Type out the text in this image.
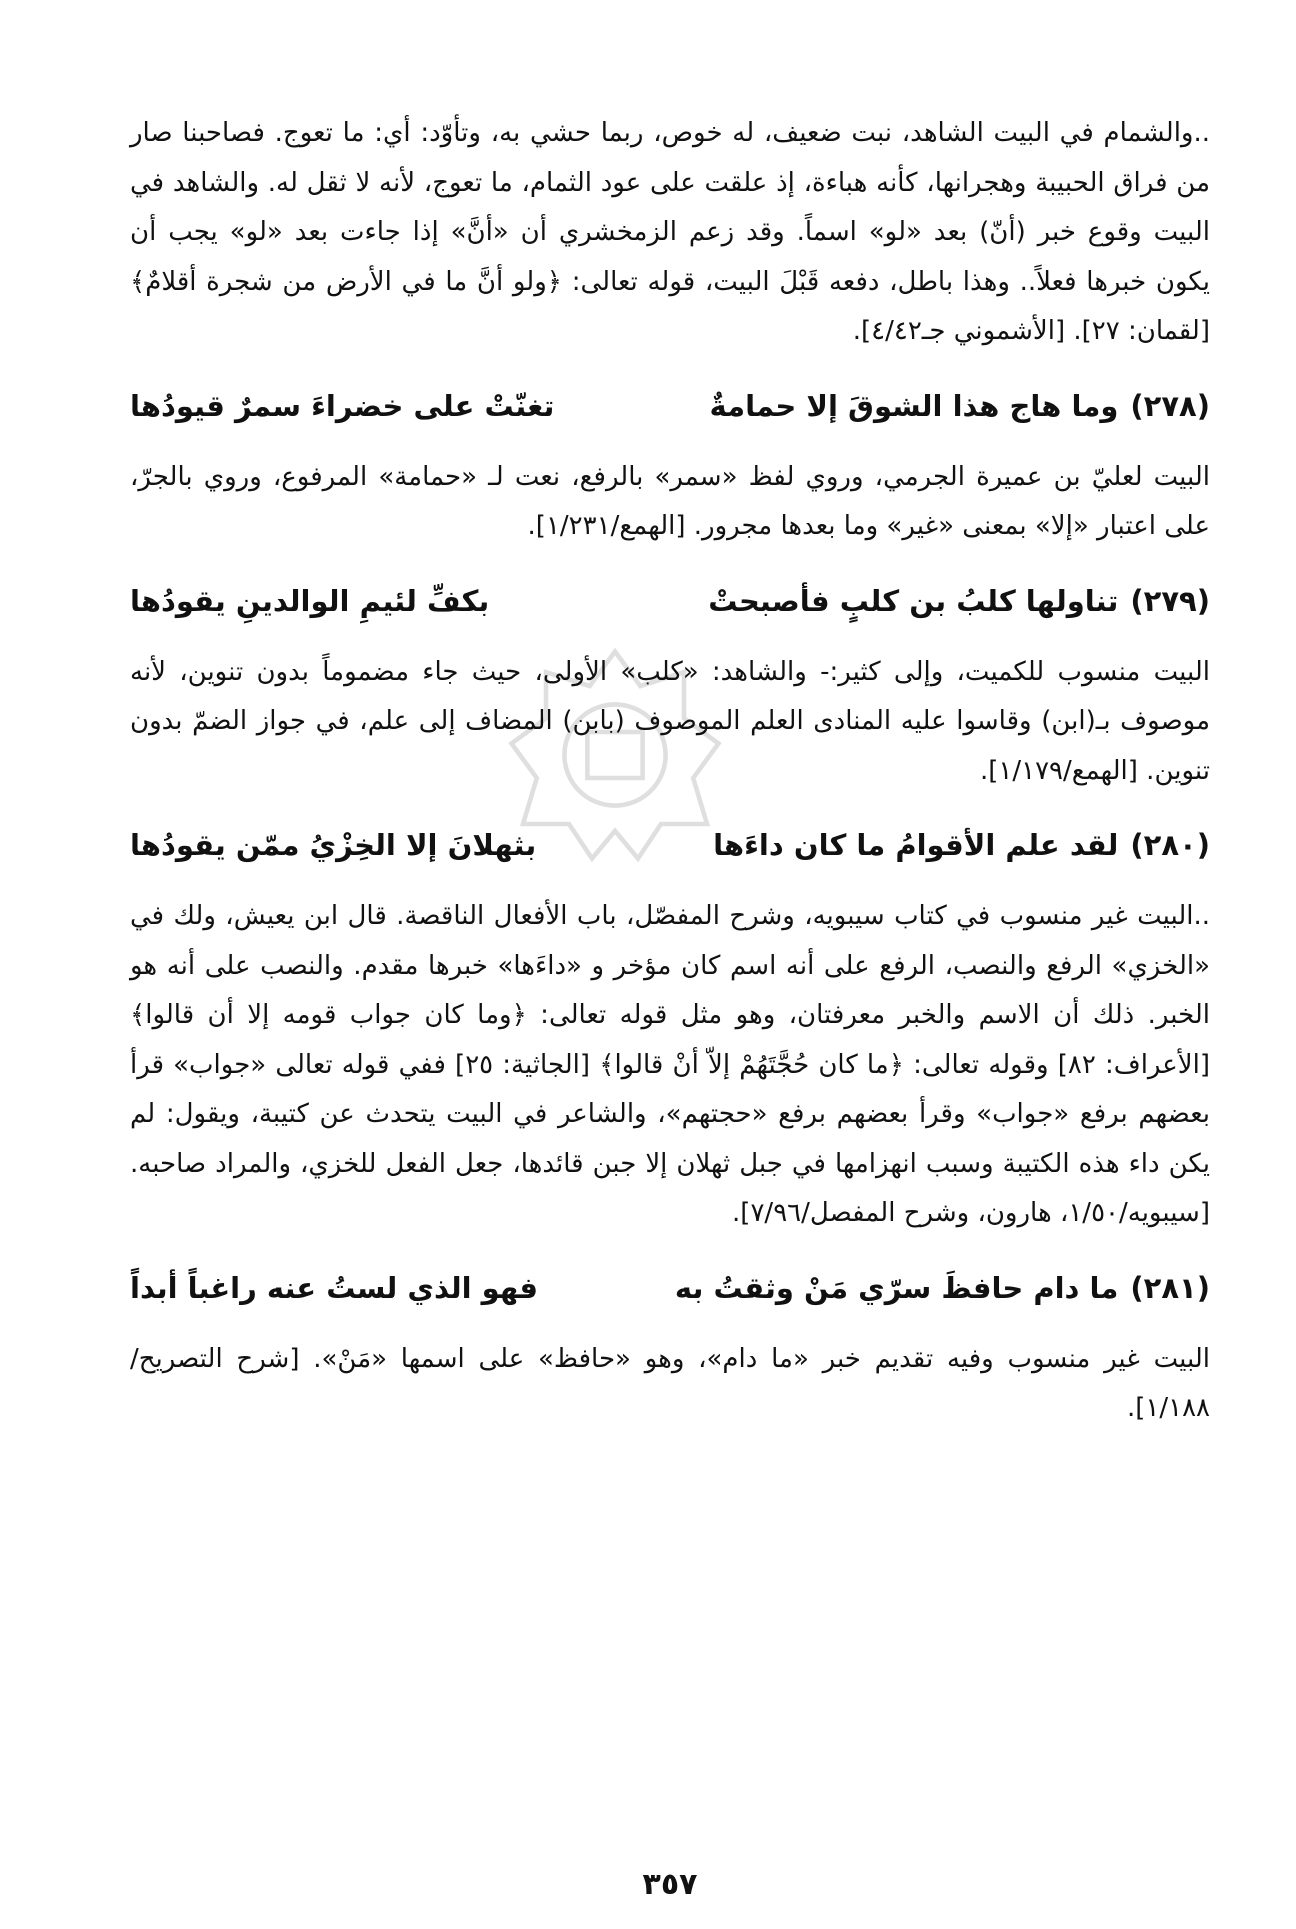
..والشمام في البيت الشاهد، نبت ضعيف، له خوص، ربما حشي به، وتأوّد: أي: ما تعوج. فصاحبنا صار من فراق الحبيبة وهجرانها، كأنه هباءة، إذ علقت على عود الثمام، ما تعوج، لأنه لا ثقل له. والشاهد في البيت وقوع خبر (أنّ) بعد «لو» اسماً. وقد زعم الزمخشري أن «أنَّ» إذا جاءت بعد «لو» يجب أن يكون خبرها فعلاً.. وهذا باطل، دفعه قَبْلَ البيت، قوله تعالى: ﴿ولو أنَّ ما في الأرض من شجرة أقلامٌ﴾ [لقمان: ٢٧]. [الأشموني جـ٤/٤٢].

(٢٧٨)
وما هاج هذا الشوقَ إلا حمامةٌ
تغنّتْ على خضراءَ سمرٌ قيودُها

البيت لعليّ بن عميرة الجرمي، وروي لفظ «سمر» بالرفع، نعت لـ «حمامة» المرفوع، وروي بالجرّ، على اعتبار «إلا» بمعنى «غير» وما بعدها مجرور. [الهمع/١/٢٣١].

(٢٧٩)
تناولها كلبُ بن كلبٍ فأصبحتْ
بكفِّ لئيمِ الوالدينِ يقودُها

البيت منسوب للكميت، وإلى كثير:- والشاهد: «كلب» الأولى، حيث جاء مضموماً بدون تنوين، لأنه موصوف بـ(ابن) وقاسوا عليه المنادى العلم الموصوف (بابن) المضاف إلى علم، في جواز الضمّ بدون تنوين. [الهمع/١/١٧٩].

(٢٨٠)
لقد علم الأقوامُ ما كان داءَها
بثهلانَ إلا الخِزْيُ ممّن يقودُها

..البيت غير منسوب في كتاب سيبويه، وشرح المفصّل، باب الأفعال الناقصة. قال ابن يعيش، ولك في «الخزي» الرفع والنصب، الرفع على أنه اسم كان مؤخر و «داءَها» خبرها مقدم. والنصب على أنه هو الخبر. ذلك أن الاسم والخبر معرفتان، وهو مثل قوله تعالى: ﴿وما كان جواب قومه إلا أن قالوا﴾ [الأعراف: ٨٢] وقوله تعالى: ﴿ما كان حُجَّتَهُمْ إلاّ أنْ قالوا﴾ [الجاثية: ٢٥] ففي قوله تعالى «جواب» قرأ بعضهم برفع «جواب» وقرأ بعضهم برفع «حجتهم»، والشاعر في البيت يتحدث عن كتيبة، ويقول: لم يكن داء هذه الكتيبة وسبب انهزامها في جبل ثهلان إلا جبن قائدها، جعل الفعل للخزي، والمراد صاحبه. [سيبويه/١/٥٠، هارون، وشرح المفصل/٧/٩٦].

(٢٨١)
ما دام حافظَ سرّي مَنْ وثقتُ به
فهو الذي لستُ عنه راغباً أبداً

البيت غير منسوب وفيه تقديم خبر «ما دام»، وهو «حافظ» على اسمها «مَنْ». [شرح التصريح/١/١٨٨].

٣٥٧
